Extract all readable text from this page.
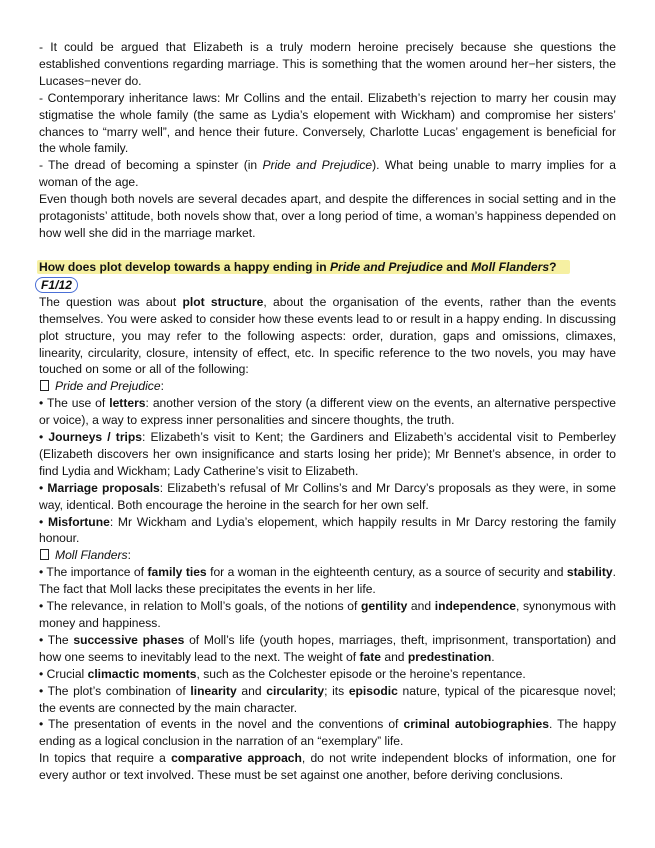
- It could be argued that Elizabeth is a truly modern heroine precisely because she questions the established conventions regarding marriage. This is something that the women around her−her sisters, the Lucases−never do.

- Contemporary inheritance laws: Mr Collins and the entail. Elizabeth’s rejection to marry her cousin may stigmatise the whole family (the same as Lydia’s elopement with Wickham) and compromise her sisters’ chances to “marry well”, and hence their future. Conversely, Charlotte Lucas’ engagement is beneficial for the whole family.

- The dread of becoming a spinster (in Pride and Prejudice). What being unable to marry implies for a woman of the age.

Even though both novels are several decades apart, and despite the differences in social setting and in the protagonists’ attitude, both novels show that, over a long period of time, a woman’s happiness depended on how well she did in the marriage market.

How does plot develop towards a happy ending in Pride and Prejudice and Moll Flanders?

F1/12

The question was about plot structure, about the organisation of the events, rather than the events themselves. You were asked to consider how these events lead to or result in a happy ending. In discussing plot structure, you may refer to the following aspects: order, duration, gaps and omissions, climaxes, linearity, circularity, closure, intensity of effect, etc. In specific reference to the two novels, you may have touched on some or all of the following:

Pride and Prejudice:

• The use of letters: another version of the story (a different view on the events, an alternative perspective or voice), a way to express inner personalities and sincere thoughts, the truth.

• Journeys / trips: Elizabeth’s visit to Kent; the Gardiners and Elizabeth’s accidental visit to Pemberley (Elizabeth discovers her own insignificance and starts losing her pride); Mr Bennet’s absence, in order to find Lydia and Wickham; Lady Catherine’s visit to Elizabeth.

• Marriage proposals: Elizabeth’s refusal of Mr Collins’s and Mr Darcy’s proposals as they were, in some way, identical. Both encourage the heroine in the search for her own self.

• Misfortune: Mr Wickham and Lydia’s elopement, which happily results in Mr Darcy restoring the family honour.

Moll Flanders:

• The importance of family ties for a woman in the eighteenth century, as a source of security and stability. The fact that Moll lacks these precipitates the events in her life.

• The relevance, in relation to Moll’s goals, of the notions of gentility and independence, synonymous with money and happiness.

• The successive phases of Moll’s life (youth hopes, marriages, theft, imprisonment, transportation) and how one seems to inevitably lead to the next. The weight of fate and predestination.

• Crucial climactic moments, such as the Colchester episode or the heroine’s repentance.

• The plot’s combination of linearity and circularity; its episodic nature, typical of the picaresque novel; the events are connected by the main character.

• The presentation of events in the novel and the conventions of criminal autobiographies. The happy ending as a logical conclusion in the narration of an “exemplary” life.

In topics that require a comparative approach, do not write independent blocks of information, one for every author or text involved. These must be set against one another, before deriving conclusions.
